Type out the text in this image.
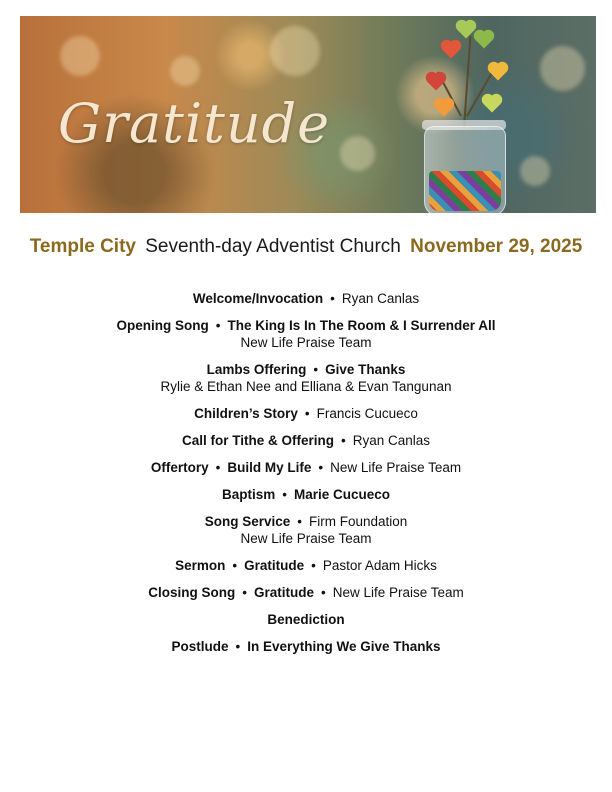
Gratitude
Temple City Seventh-day Adventist Church November 29, 2025
Welcome/Invocation • Ryan Canlas
Opening Song • The King Is In The Room & I Surrender All
New Life Praise Team
Lambs Offering • Give Thanks
Rylie & Ethan Nee and Elliana & Evan Tangunan
Children’s Story • Francis Cucueco
Call for Tithe & Offering • Ryan Canlas
Offertory • Build My Life • New Life Praise Team
Baptism • Marie Cucueco
Song Service • Firm Foundation
New Life Praise Team
Sermon • Gratitude • Pastor Adam Hicks
Closing Song • Gratitude • New Life Praise Team
Benediction
Postlude • In Everything We Give Thanks
